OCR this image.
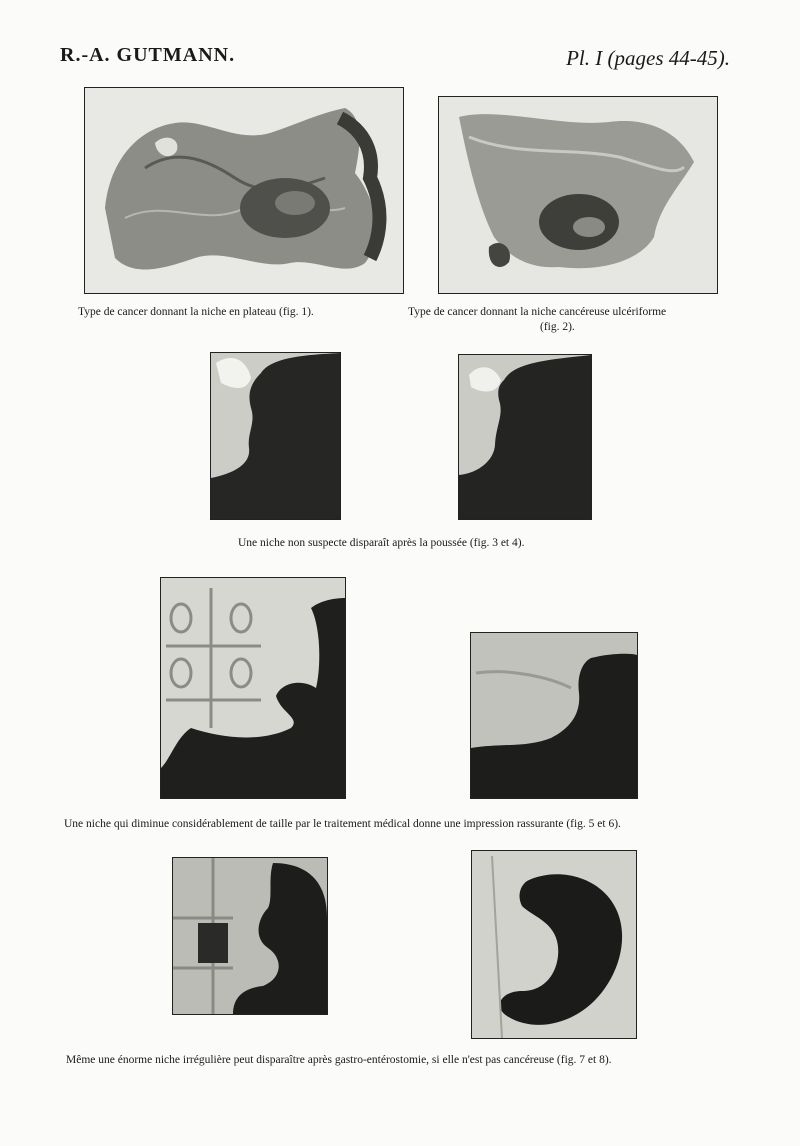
R.-A. GUTMANN.	Pl. I (pages 44-45).
Type de cancer donnant la niche en plateau (fig. 1).	Type de cancer donnant la niche cancéreuse ulcériforme
(fig. 2).
Une niche non suspecte disparaît après la poussée (fig. 3 et 4).
Une niche qui diminue considérablement de taille par le traitement médical donne une impression rassurante (fig. 5 et 6).
Même une énorme niche irrégulière peut disparaître après gastro-entérostomie, si elle n'est pas cancéreuse (fig. 7 et 8).
